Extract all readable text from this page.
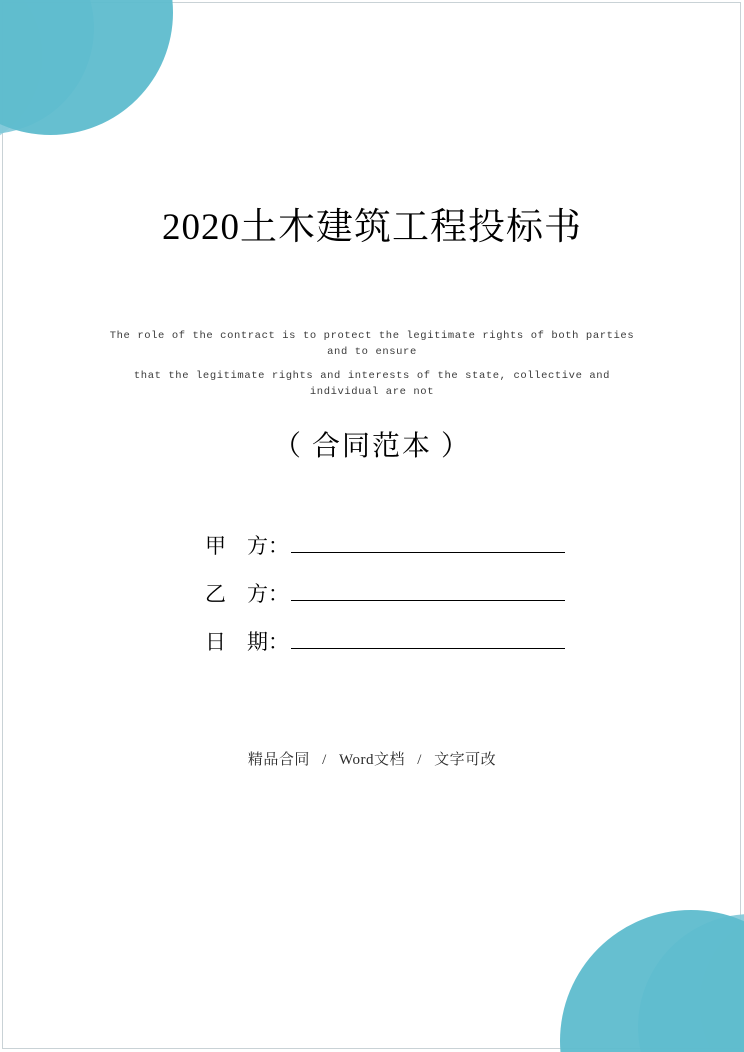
2020土木建筑工程投标书
The role of the contract is to protect the legitimate rights of both parties and to ensure
that the legitimate rights and interests of the state, collective and individual are not
（ 合同范本 ）
甲　方：
乙　方：
日　期：
精品合同 / Word文档 / 文字可改
